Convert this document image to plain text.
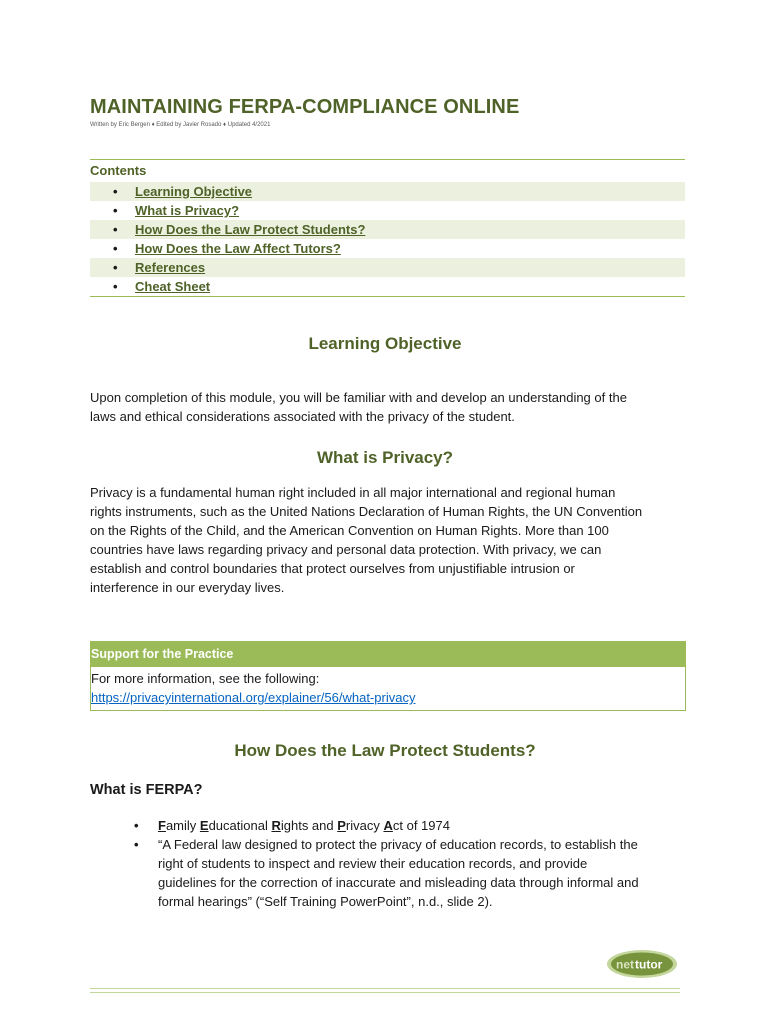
MAINTAINING FERPA-COMPLIANCE ONLINE
Written by Eric Bergen ♦ Edited by Javier Rosado ♦ Updated 4/2021
Contents
•	Learning Objective
•	What is Privacy?
•	How Does the Law Protect Students?
•	How Does the Law Affect Tutors?
•	References
•	Cheat Sheet
Learning Objective
Upon completion of this module, you will be familiar with and develop an understanding of the
laws and ethical considerations associated with the privacy of the student.
What is Privacy?
Privacy is a fundamental human right included in all major international and regional human
rights instruments, such as the United Nations Declaration of Human Rights, the UN Convention
on the Rights of the Child, and the American Convention on Human Rights. More than 100
countries have laws regarding privacy and personal data protection. With privacy, we can
establish and control boundaries that protect ourselves from unjustifiable intrusion or
interference in our everyday lives.
Support for the Practice
For more information, see the following:
https://privacyinternational.org/explainer/56/what-privacy
How Does the Law Protect Students?
What is FERPA?
• Family Educational Rights and Privacy Act of 1974
• “A Federal law designed to protect the privacy of education records, to establish the
right of students to inspect and review their education records, and provide
guidelines for the correction of inaccurate and misleading data through informal and
formal hearings” (“Self Training PowerPoint”, n.d., slide 2).
net tutor
